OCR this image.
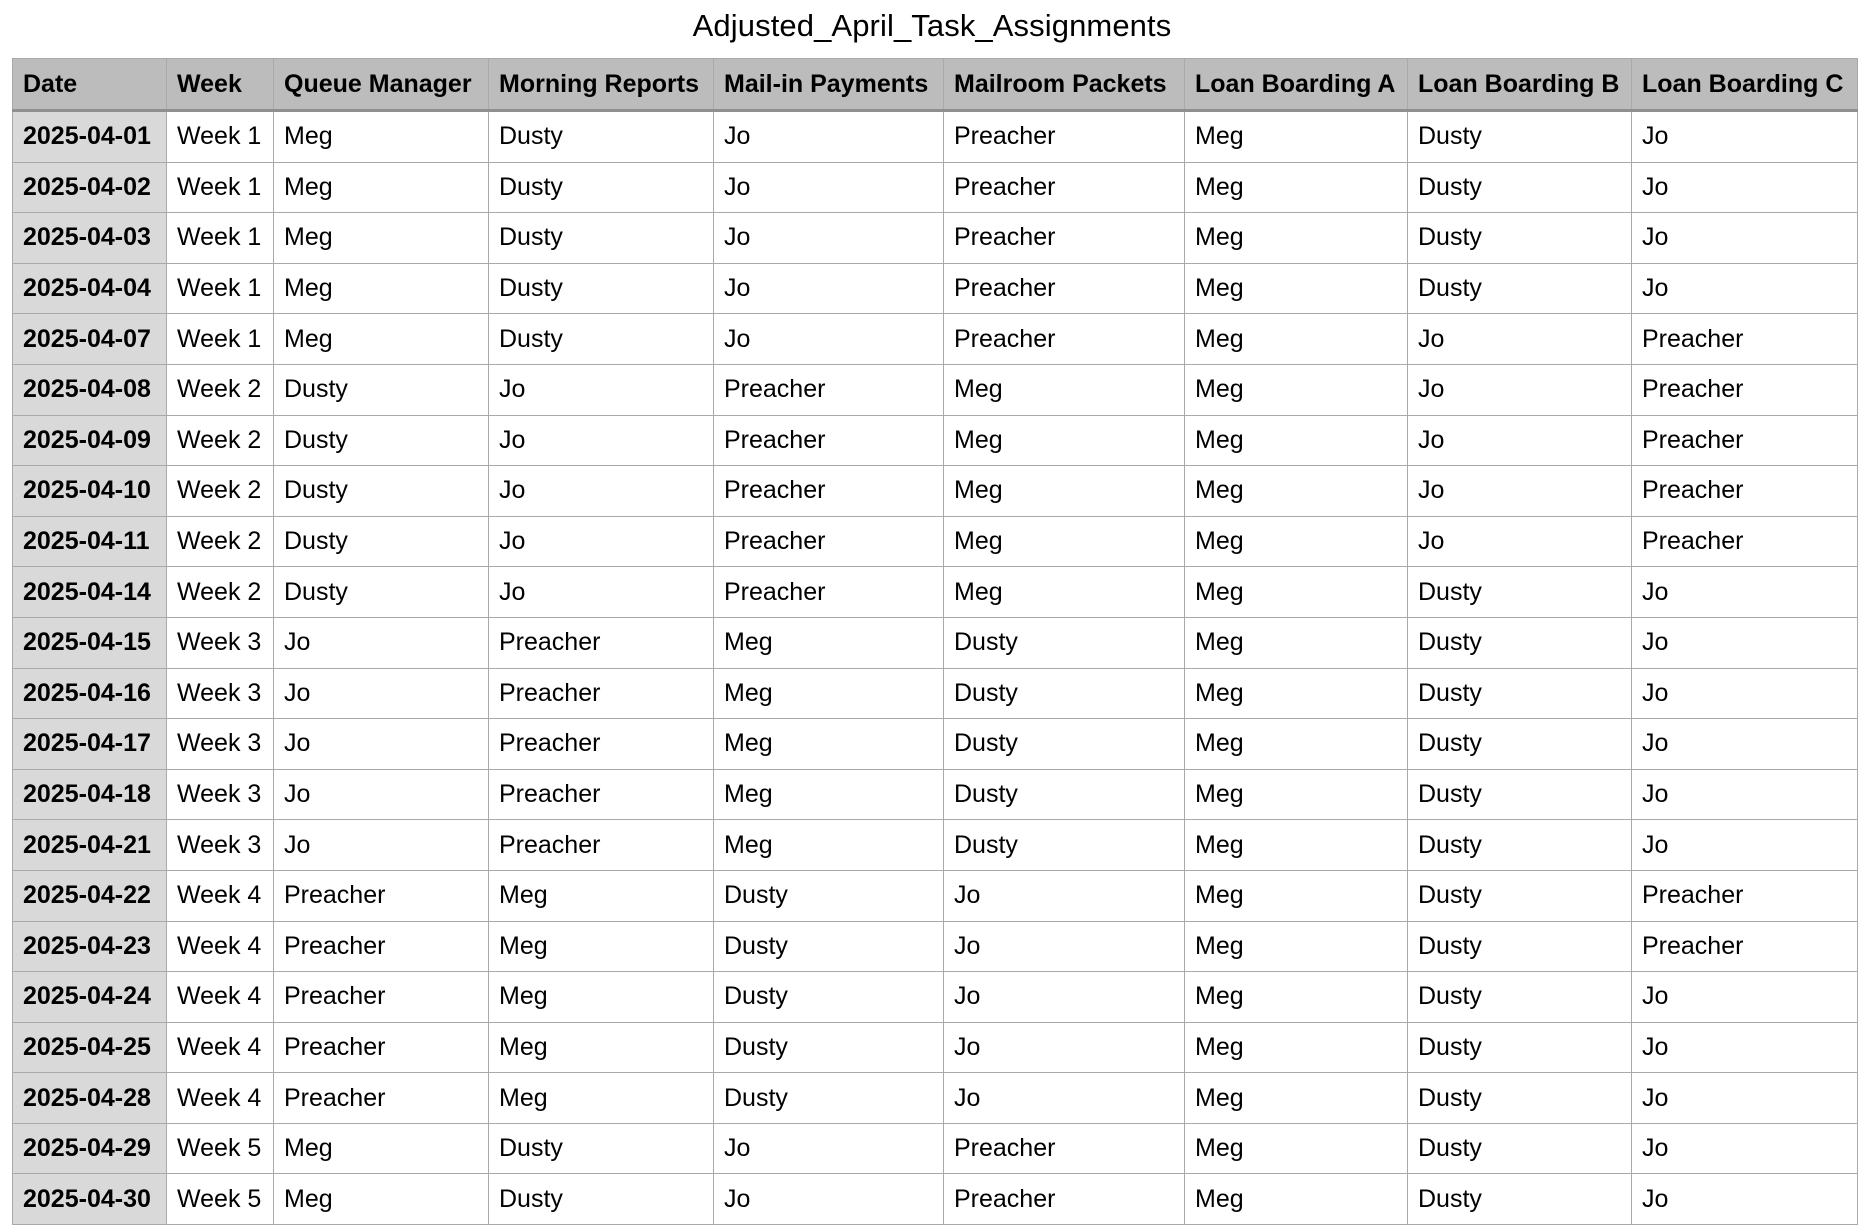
Adjusted_April_Task_Assignments
Date	Week	Queue Manager	Morning Reports	Mail-in Payments	Mailroom Packets	Loan Boarding A	Loan Boarding B	Loan Boarding C
2025-04-01	Week 1	Meg	Dusty	Jo	Preacher	Meg	Dusty	Jo
2025-04-02	Week 1	Meg	Dusty	Jo	Preacher	Meg	Dusty	Jo
2025-04-03	Week 1	Meg	Dusty	Jo	Preacher	Meg	Dusty	Jo
2025-04-04	Week 1	Meg	Dusty	Jo	Preacher	Meg	Dusty	Jo
2025-04-07	Week 1	Meg	Dusty	Jo	Preacher	Meg	Jo	Preacher
2025-04-08	Week 2	Dusty	Jo	Preacher	Meg	Meg	Jo	Preacher
2025-04-09	Week 2	Dusty	Jo	Preacher	Meg	Meg	Jo	Preacher
2025-04-10	Week 2	Dusty	Jo	Preacher	Meg	Meg	Jo	Preacher
2025-04-11	Week 2	Dusty	Jo	Preacher	Meg	Meg	Jo	Preacher
2025-04-14	Week 2	Dusty	Jo	Preacher	Meg	Meg	Dusty	Jo
2025-04-15	Week 3	Jo	Preacher	Meg	Dusty	Meg	Dusty	Jo
2025-04-16	Week 3	Jo	Preacher	Meg	Dusty	Meg	Dusty	Jo
2025-04-17	Week 3	Jo	Preacher	Meg	Dusty	Meg	Dusty	Jo
2025-04-18	Week 3	Jo	Preacher	Meg	Dusty	Meg	Dusty	Jo
2025-04-21	Week 3	Jo	Preacher	Meg	Dusty	Meg	Dusty	Jo
2025-04-22	Week 4	Preacher	Meg	Dusty	Jo	Meg	Dusty	Preacher
2025-04-23	Week 4	Preacher	Meg	Dusty	Jo	Meg	Dusty	Preacher
2025-04-24	Week 4	Preacher	Meg	Dusty	Jo	Meg	Dusty	Jo
2025-04-25	Week 4	Preacher	Meg	Dusty	Jo	Meg	Dusty	Jo
2025-04-28	Week 4	Preacher	Meg	Dusty	Jo	Meg	Dusty	Jo
2025-04-29	Week 5	Meg	Dusty	Jo	Preacher	Meg	Dusty	Jo
2025-04-30	Week 5	Meg	Dusty	Jo	Preacher	Meg	Dusty	Jo
